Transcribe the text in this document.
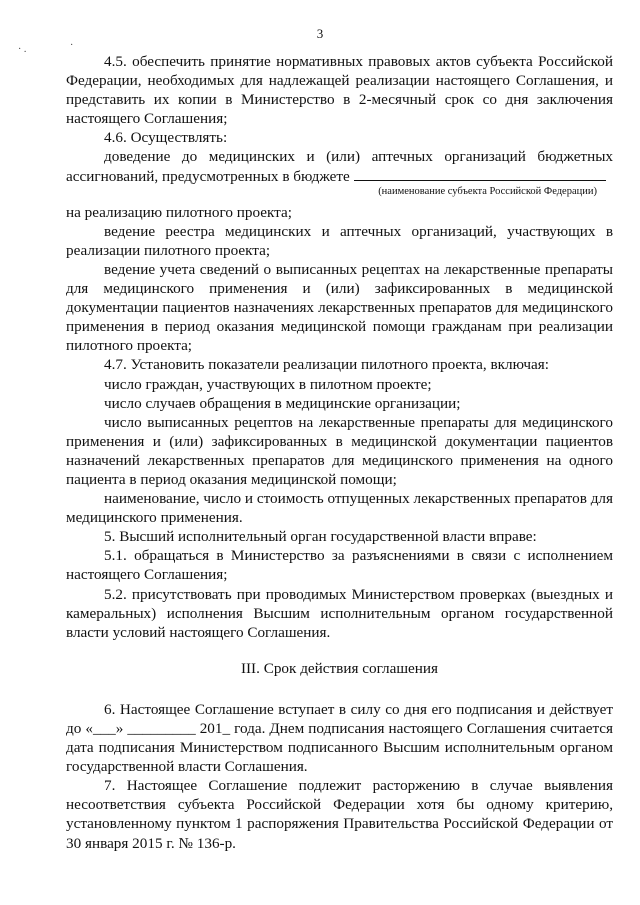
3
· .	·

4.5. обеспечить принятие нормативных правовых актов субъекта Российской Федерации, необходимых для надлежащей реализации настоящего Соглашения, и представить их копии в Министерство в 2-месячный срок со дня заключения настоящего Соглашения;

4.6. Осуществлять:

доведение до медицинских и (или) аптечных организаций бюджетных ассигнований, предусмотренных в бюджете

(наименование субъекта Российской Федерации)

на реализацию пилотного проекта;

ведение реестра медицинских и аптечных организаций, участвующих в реализации пилотного проекта;

ведение учета сведений о выписанных рецептах на лекарственные препараты для медицинского применения и (или) зафиксированных в медицинской документации пациентов назначениях лекарственных препаратов для медицинского применения в период оказания медицинской помощи гражданам при реализации пилотного проекта;

4.7. Установить показатели реализации пилотного проекта, включая:

число граждан, участвующих в пилотном проекте;

число случаев обращения в медицинские организации;

число выписанных рецептов на лекарственные препараты для медицинского применения и (или) зафиксированных в медицинской документации пациентов назначений лекарственных препаратов для медицинского применения на одного пациента в период оказания медицинской помощи;

наименование, число и стоимость отпущенных лекарственных препаратов для медицинского применения.

5. Высший исполнительный орган государственной власти вправе:

5.1. обращаться в Министерство за разъяснениями в связи с исполнением настоящего Соглашения;

5.2. присутствовать при проводимых Министерством проверках (выездных и камеральных) исполнения Высшим исполнительным органом государственной власти условий настоящего Соглашения.

III. Срок действия соглашения

6. Настоящее Соглашение вступает в силу со дня его подписания и действует до «___» _________ 201_ года. Днем подписания настоящего Соглашения считается дата подписания Министерством подписанного Высшим исполнительным органом государственной власти Соглашения.

7. Настоящее Соглашение подлежит расторжению в случае выявления несоответствия субъекта Российской Федерации хотя бы одному критерию, установленному пунктом 1 распоряжения Правительства Российской Федерации от 30 января 2015 г. № 136-р.
